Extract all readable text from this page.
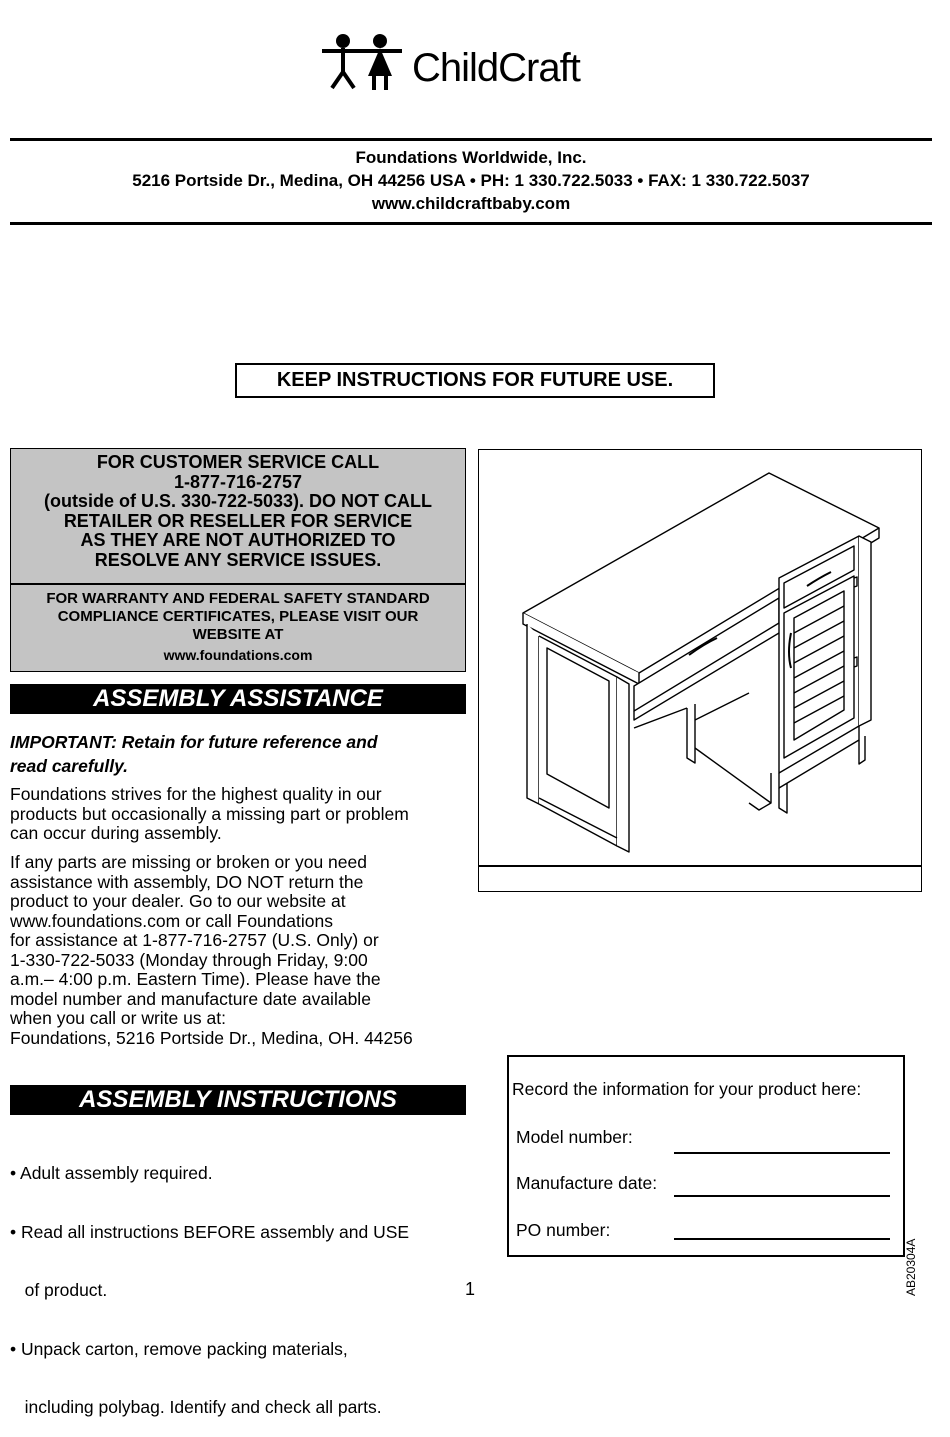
ChildCraft
Foundations Worldwide, Inc.
5216 Portside Dr., Medina, OH 44256 USA • PH: 1 330.722.5033 • FAX: 1 330.722.5037
www.childcraftbaby.com
KEEP INSTRUCTIONS FOR FUTURE USE.
FOR CUSTOMER SERVICE CALL
1-877-716-2757
(outside of U.S. 330-722-5033). DO NOT CALL
RETAILER OR RESELLER FOR SERVICE
AS THEY ARE NOT AUTHORIZED TO
RESOLVE ANY SERVICE ISSUES.
FOR WARRANTY AND FEDERAL SAFETY STANDARD
COMPLIANCE CERTIFICATES, PLEASE VISIT OUR
WEBSITE AT
www.foundations.com
ASSEMBLY ASSISTANCE
IMPORTANT: Retain for future reference and
read carefully.
Foundations strives for the highest quality in our
products but occasionally a missing part or problem
can occur during assembly.
If any parts are missing or broken or you need
assistance with assembly, DO NOT return the
product to your dealer. Go to our website at
www.foundations.com or call Foundations
for assistance at 1-877-716-2757 (U.S. Only) or
1-330-722-5033 (Monday through Friday, 9:00
a.m.– 4:00 p.m. Eastern Time). Please have the
model number and manufacture date available
when you call or write us at:
Foundations, 5216 Portside Dr., Medina, OH. 44256
ASSEMBLY INSTRUCTIONS

• Adult assembly required.

• Read all instructions BEFORE assembly and USE

of product.

• Unpack carton, remove packing materials,

including polybag. Identify and check all parts.

Record the information for your product here:
Model number:
Manufacture date:
PO number:
AB20304A
1
